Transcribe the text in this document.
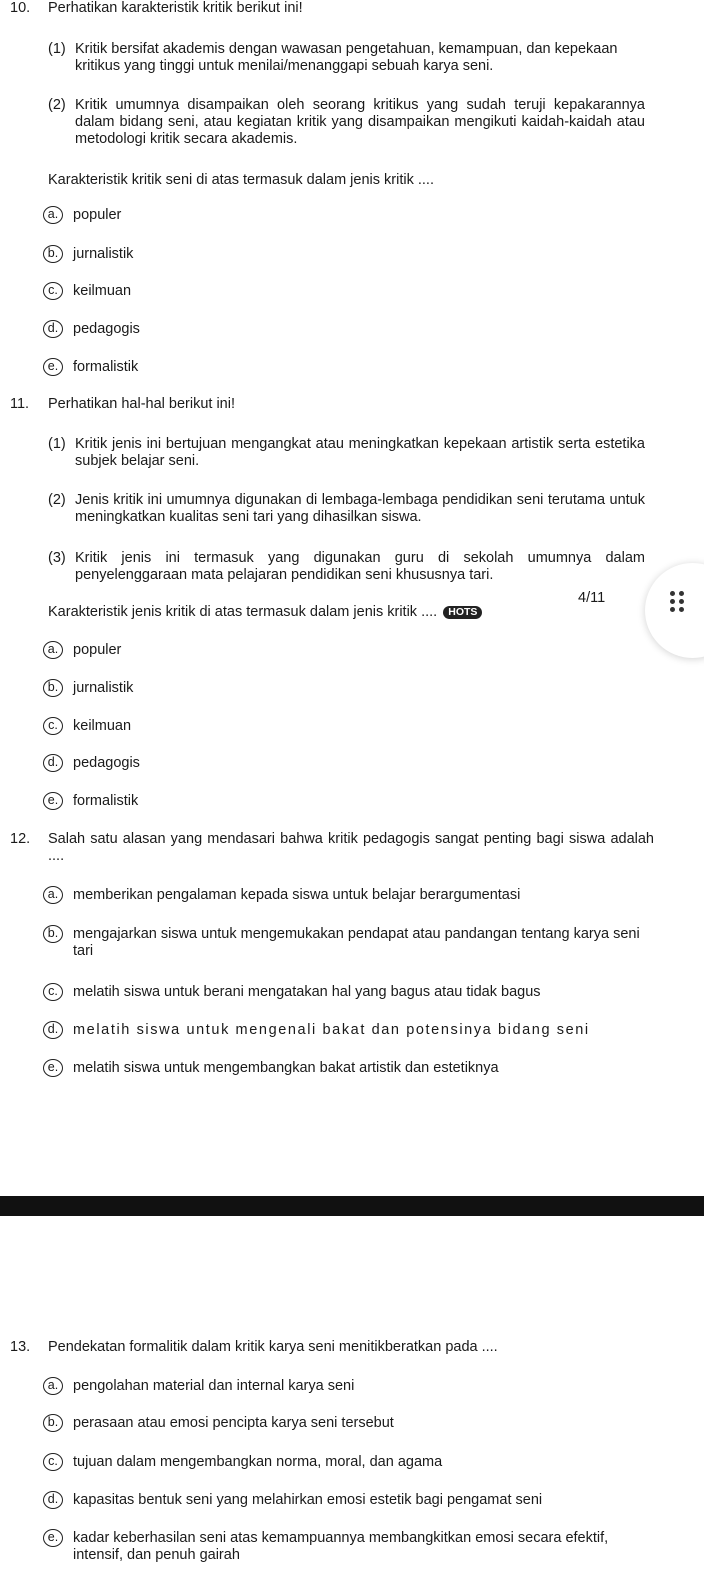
10. Perhatikan karakteristik kritik berikut ini!
(1) Kritik bersifat akademis dengan wawasan pengetahuan, kemampuan, dan kepekaan kritikus yang tinggi untuk menilai/menanggapi sebuah karya seni.
(2) Kritik umumnya disampaikan oleh seorang kritikus yang sudah teruji kepakarannya dalam bidang seni, atau kegiatan kritik yang disampaikan mengikuti kaidah-kaidah atau metodologi kritik secara akademis.
Karakteristik kritik seni di atas termasuk dalam jenis kritik ....
a.	populer
b.	jurnalistik
c.	keilmuan
d.	pedagogis
e.	formalistik
11. Perhatikan hal-hal berikut ini!
(1) Kritik jenis ini bertujuan mengangkat atau meningkatkan kepekaan artistik serta estetika subjek belajar seni.
(2) Jenis kritik ini umumnya digunakan di lembaga-lembaga pendidikan seni terutama untuk meningkatkan kualitas seni tari yang dihasilkan siswa.
(3) Kritik jenis ini termasuk yang digunakan guru di sekolah umumnya dalam penyelenggaraan mata pelajaran pendidikan seni khususnya tari.
Karakteristik jenis kritik di atas termasuk dalam jenis kritik .... HOTS
4/11
a.	populer
b.	jurnalistik
c.	keilmuan
d.	pedagogis
e.	formalistik
12. Salah satu alasan yang mendasari bahwa kritik pedagogis sangat penting bagi siswa adalah ....
a.	memberikan pengalaman kepada siswa untuk belajar berargumentasi
b.	mengajarkan siswa untuk mengemukakan pendapat atau pandangan tentang karya seni tari
c.	melatih siswa untuk berani mengatakan hal yang bagus atau tidak bagus
d.	melatih siswa untuk mengenali bakat dan potensinya bidang seni
e.	melatih siswa untuk mengembangkan bakat artistik dan estetiknya
13. Pendekatan formalitik dalam kritik karya seni menitikberatkan pada ....
a.	pengolahan material dan internal karya seni
b.	perasaan atau emosi pencipta karya seni tersebut
c.	tujuan dalam mengembangkan norma, moral, dan agama
d.	kapasitas bentuk seni yang melahirkan emosi estetik bagi pengamat seni
e.	kadar keberhasilan seni atas kemampuannya membangkitkan emosi secara efektif, intensif, dan penuh gairah
